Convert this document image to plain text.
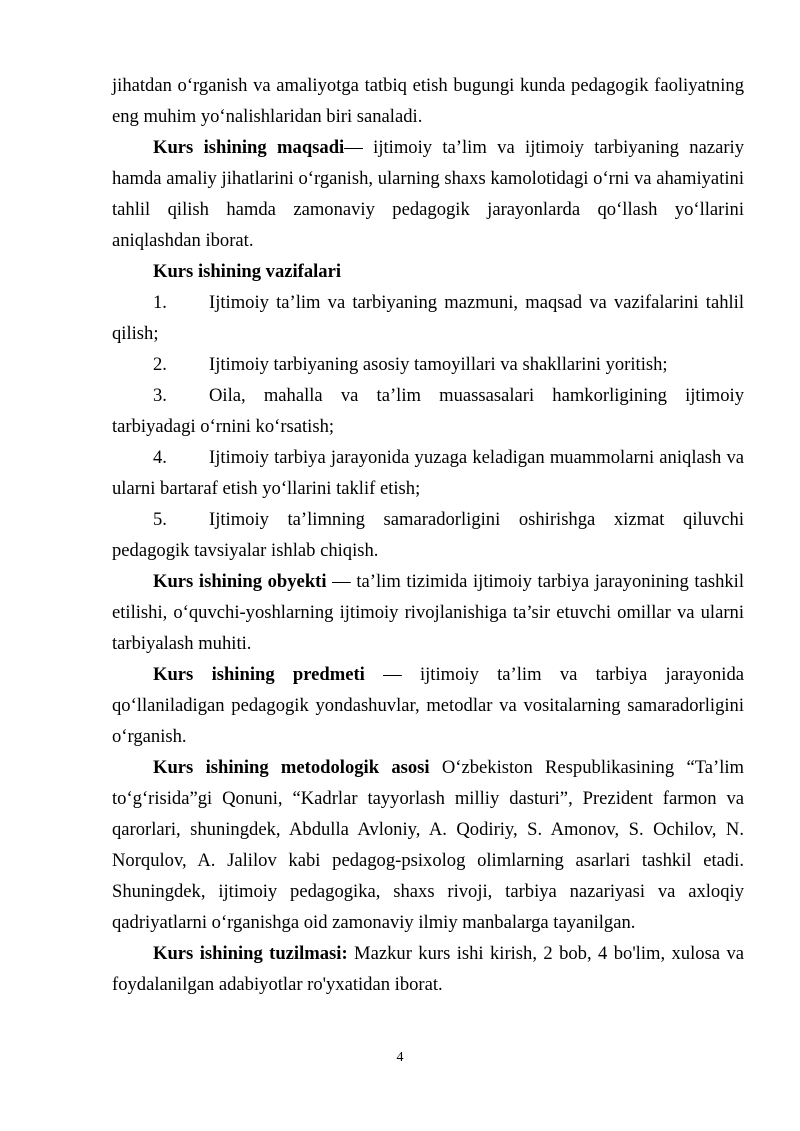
jihatdan o‘rganish va amaliyotga tatbiq etish bugungi kunda pedagogik faoliyatning eng muhim yo‘nalishlaridan biri sanaladi.

Kurs ishining maqsadi— ijtimoiy ta’lim va ijtimoiy tarbiyaning nazariy hamda amaliy jihatlarini o‘rganish, ularning shaxs kamolotidagi o‘rni va ahamiyatini tahlil qilish hamda zamonaviy pedagogik jarayonlarda qo‘llash yo‘llarini aniqlashdan iborat.

Kurs ishining vazifalari

1. Ijtimoiy ta’lim va tarbiyaning mazmuni, maqsad va vazifalarini tahlil qilish;

2. Ijtimoiy tarbiyaning asosiy tamoyillari va shakllarini yoritish;

3. Oila, mahalla va ta’lim muassasalari hamkorligining ijtimoiy tarbiyadagi o‘rnini ko‘rsatish;

4. Ijtimoiy tarbiya jarayonida yuzaga keladigan muammolarni aniqlash va ularni bartaraf etish yo‘llarini taklif etish;

5. Ijtimoiy ta’limning samaradorligini oshirishga xizmat qiluvchi pedagogik tavsiyalar ishlab chiqish.

Kurs ishining obyekti — ta’lim tizimida ijtimoiy tarbiya jarayonining tashkil etilishi, o‘quvchi-yoshlarning ijtimoiy rivojlanishiga ta’sir etuvchi omillar va ularni tarbiyalash muhiti.

Kurs ishining predmeti — ijtimoiy ta’lim va tarbiya jarayonida qo‘llaniladigan pedagogik yondashuvlar, metodlar va vositalarning samaradorligini o‘rganish.

Kurs ishining metodologik asosi O‘zbekiston Respublikasining “Ta’lim to‘g‘risida”gi Qonuni, “Kadrlar tayyorlash milliy dasturi”, Prezident farmon va qarorlari, shuningdek, Abdulla Avloniy, A. Qodiriy, S. Amonov, S. Ochilov, N. Norqulov, A. Jalilov kabi pedagog-psixolog olimlarning asarlari tashkil etadi. Shuningdek, ijtimoiy pedagogika, shaxs rivoji, tarbiya nazariyasi va axloqiy qadriyatlarni o‘rganishga oid zamonaviy ilmiy manbalarga tayanilgan.

Kurs ishining tuzilmasi: Mazkur kurs ishi kirish, 2 bob, 4 bo'lim, xulosa va foydalanilgan adabiyotlar ro'yxatidan iborat.

4
